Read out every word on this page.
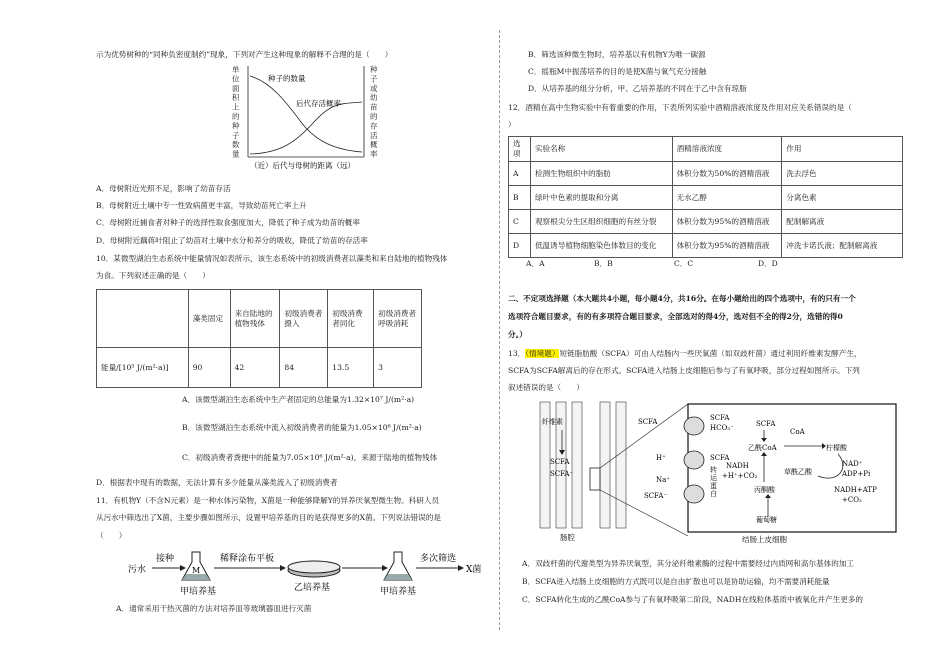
示为优势树种的“同种负密度制约”现象，下列对产生这种现象的解释不合理的是（　　）
单
位
面
积
上
的
种
子
数
量
种子的数量
后代存活概率
（近）后代与母树的距离（远）
种
子
或
幼
苗
的
存
活
概
率
A．母树附近光照不足，影响了幼苗存活
B．母树附近土壤中专一性致病菌更丰富，导致幼苗死亡率上升
C．母树附近捕食者对种子的选择性取食强度加大，降低了种子成为幼苗的概率
D．母树附近藕蒋叶阻止了幼苗对土壤中水分和养分的吸收，降低了幼苗的存活率
10．某微型湖泊生态系统中能量情况如表所示，该生态系统中的初级消费者以藻类和来自陆地的植物残体
为食。下列叙述正确的是（　　）
	藻类固定	来自陆地的植物残体	初级消费者摄入	初级消费者同化	初级消费者呼吸消耗
能量/[10⁵ J/(m²·a)]	90	42	84	13.5	3
A．该微型湖泊生态系统中生产者固定的总能量为1.32×10⁷ J/(m²·a)
B．该微型湖泊生态系统中流入初级消费者的能量为1.05×10⁶ J/(m²·a)
C．初级消费者粪便中的能量为7.05×10⁶ J/(m²·a)，来源于陆地的植物残体
D．根据表中现有的数据，无法计算有多少能量从藻类流入了初级消费者
11．有机物Y（不含N元素）是一种水体污染物，X菌是一种能够降解Y的异养厌氧型微生物。科研人员
从污水中筛选出了X菌，主要步骤如图所示，设置甲培养基的目的是获得更多的X菌。下列说法错误的是
（　　）
污水
接种
M
甲培养基
稀释涂布平板
乙培养基	甲培养基
多次筛选
X菌
A．通常采用干热灭菌的方法对培养皿等玻璃器皿进行灭菌
B．筛选该种微生物时，培养基以有机物Y为唯一碳源
C．摇瓶M中振荡培养的目的是使X菌与氧气充分接触
D．从培养基的组分分析，甲、乙培养基的不同在于乙中含有琼脂
12．酒精在高中生物实验中有着重要的作用，下表所列实验中酒精溶液浓度及作用对应关系错误的是（
）
选项	实验名称	酒精溶液浓度	作用
A	检测生物组织中的脂肪	体积分数为50%的酒精溶液	洗去浮色
B	绿叶中色素的提取和分离	无水乙醇	分离色素
C	观察根尖分生区组织细胞的有丝分裂	体积分数为95%的酒精溶液	配制解离液
D	低温诱导植物细胞染色体数目的变化	体积分数为95%的酒精溶液	冲洗卡诺氏液；配制解离液
A．A	B．B	C．C	D．D
二、不定项选择题（本大题共4小题，每小题4分，共16分。在每小题给出的四个选项中，有的只有一个
选项符合题目要求，有的有多项符合题目要求，全部选对的得4分，选对但不全的得2分，选错的得0
分。）
13．（情境题）短链脂肪酸（SCFA）可由人结肠内一些厌氧菌（如双歧杆菌）通过利用纤维素发酵产生，
SCFA为SCFA解离后的存在形式。SCFA进入结肠上皮细胞后参与了有氧呼吸，部分过程如图所示。下列
叙述错误的是（　　）
纤维素
SCFA
SCFA⁻
肠腔
SCFA	SCFA
HCO₃⁻
H⁺
Na⁺
SCFA⁻
SCFA
转
运
蛋
白
SCFA
乙酰CoA
CoA
柠檬酸
NADH
+H⁺+CO₂	草酰乙酸
NAD⁺
ADP+Pi
NADH+ATP
+CO₂
丙酮酸
葡萄糖
结肠上皮细胞
A．双歧杆菌的代谢类型为异养厌氧型，其分泌纤维素酶的过程中需要经过内质网和高尔基体的加工
B．SCFA进入结肠上皮细胞的方式既可以是自由扩散也可以是协助运输，均不需要消耗能量
C．SCFA转化生成的乙酰CoA参与了有氧呼吸第二阶段，NADH在线粒体基质中被氧化并产生更多的
